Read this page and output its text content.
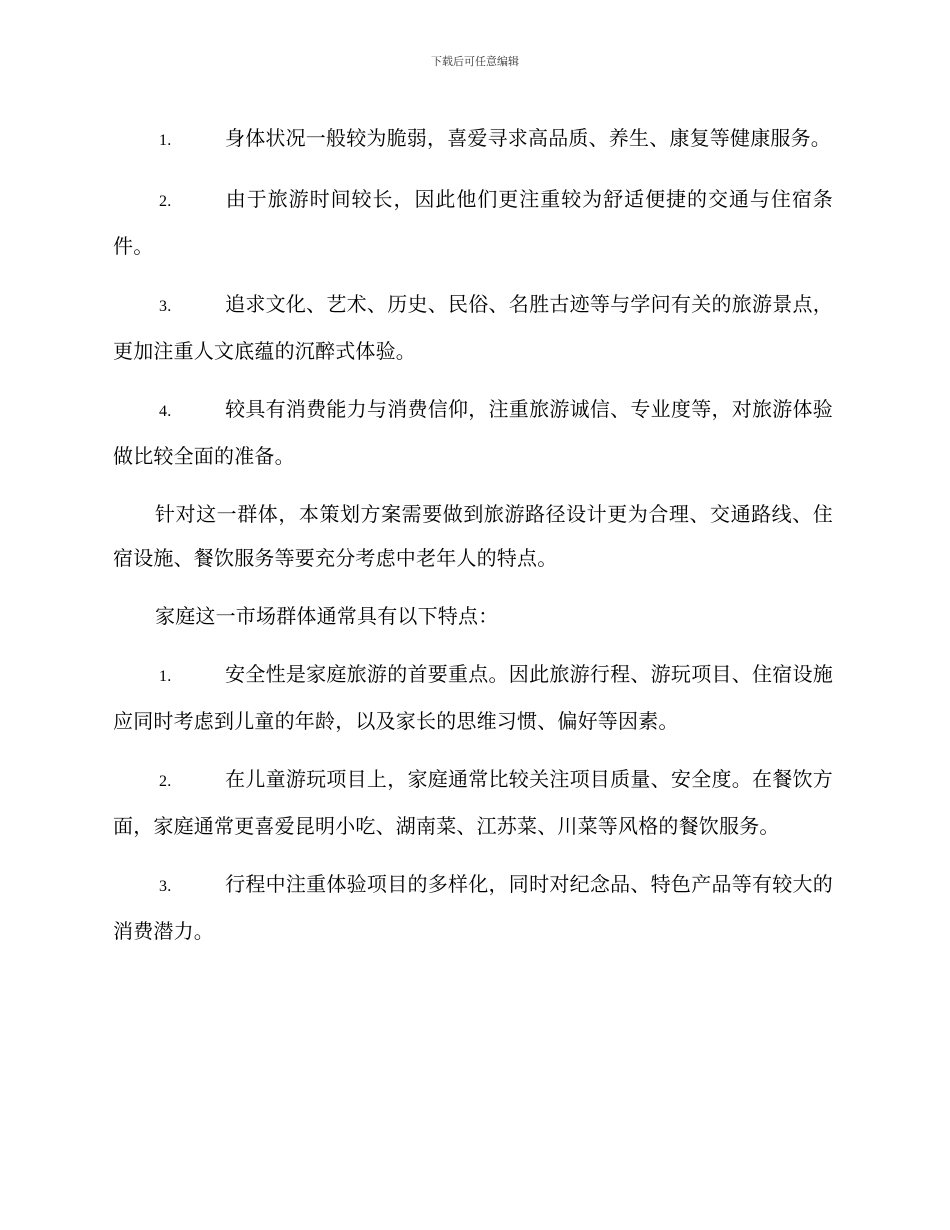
下载后可任意编辑

1.	身体状况一般较为脆弱，喜爱寻求高品质、养生、康复等健康服务。

2.	由于旅游时间较长，因此他们更注重较为舒适便捷的交通与住宿条件。

3.	追求文化、艺术、历史、民俗、名胜古迹等与学问有关的旅游景点，更加注重人文底蕴的沉醉式体验。

4.	较具有消费能力与消费信仰，注重旅游诚信、专业度等，对旅游体验做比较全面的准备。

针对这一群体，本策划方案需要做到旅游路径设计更为合理、交通路线、住宿设施、餐饮服务等要充分考虑中老年人的特点。

家庭这一市场群体通常具有以下特点：

1.	安全性是家庭旅游的首要重点。因此旅游行程、游玩项目、住宿设施应同时考虑到儿童的年龄，以及家长的思维习惯、偏好等因素。

2.	在儿童游玩项目上，家庭通常比较关注项目质量、安全度。在餐饮方面，家庭通常更喜爱昆明小吃、湖南菜、江苏菜、川菜等风格的餐饮服务。

3.	行程中注重体验项目的多样化，同时对纪念品、特色产品等有较大的消费潜力。
